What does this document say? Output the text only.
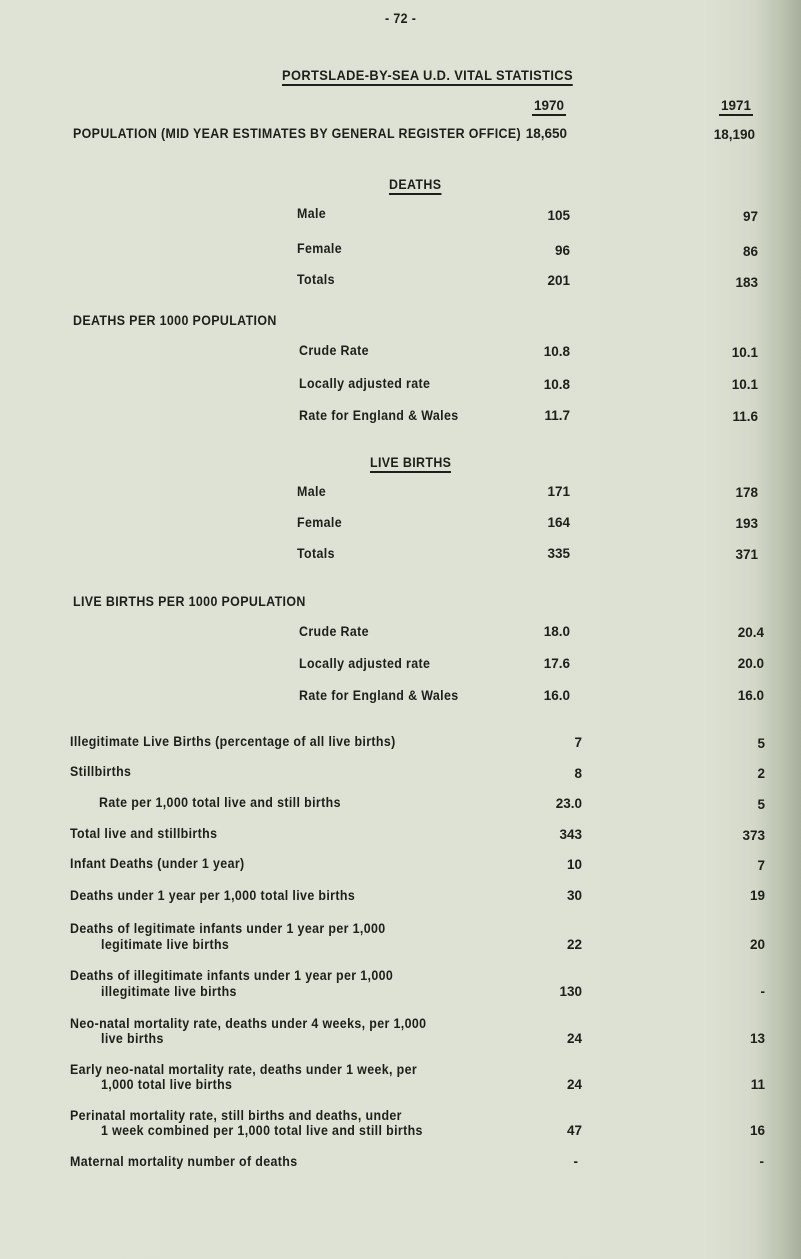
- 72 -
PORTSLADE-BY-SEA U.D. VITAL STATISTICS
1970	1971
POPULATION (MID YEAR ESTIMATES BY GENERAL REGISTER OFFICE) 18,650	18,190
DEATHS
Male	105	97
Female	96	86
Totals	201	183
DEATHS PER 1000 POPULATION
Crude Rate	10.8	10.1
Locally adjusted rate	10.8	10.1
Rate for England & Wales	11.7	11.6
LIVE BIRTHS
Male	171	178
Female	164	193
Totals	335	371
LIVE BIRTHS PER 1000 POPULATION
Crude Rate	18.0	20.4
Locally adjusted rate	17.6	20.0
Rate for England & Wales	16.0	16.0
Illegitimate Live Births (percentage of all live births)	7	5
Stillbirths	8	2
Rate per 1,000 total live and still births	23.0	5
Total live and stillbirths	343	373
Infant Deaths (under 1 year)	10	7
Deaths under 1 year per 1,000 total live births	30	19
Deaths of legitimate infants under 1 year per 1,000
legitimate live births	22	20
Deaths of illegitimate infants under 1 year per 1,000
illegitimate live births	130	-
Neo-natal mortality rate, deaths under 4 weeks, per 1,000
live births	24	13
Early neo-natal mortality rate, deaths under 1 week, per
1,000 total live births	24	11
Perinatal mortality rate, still births and deaths, under
1 week combined per 1,000 total live and still births	47	16
Maternal mortality number of deaths	-	-
